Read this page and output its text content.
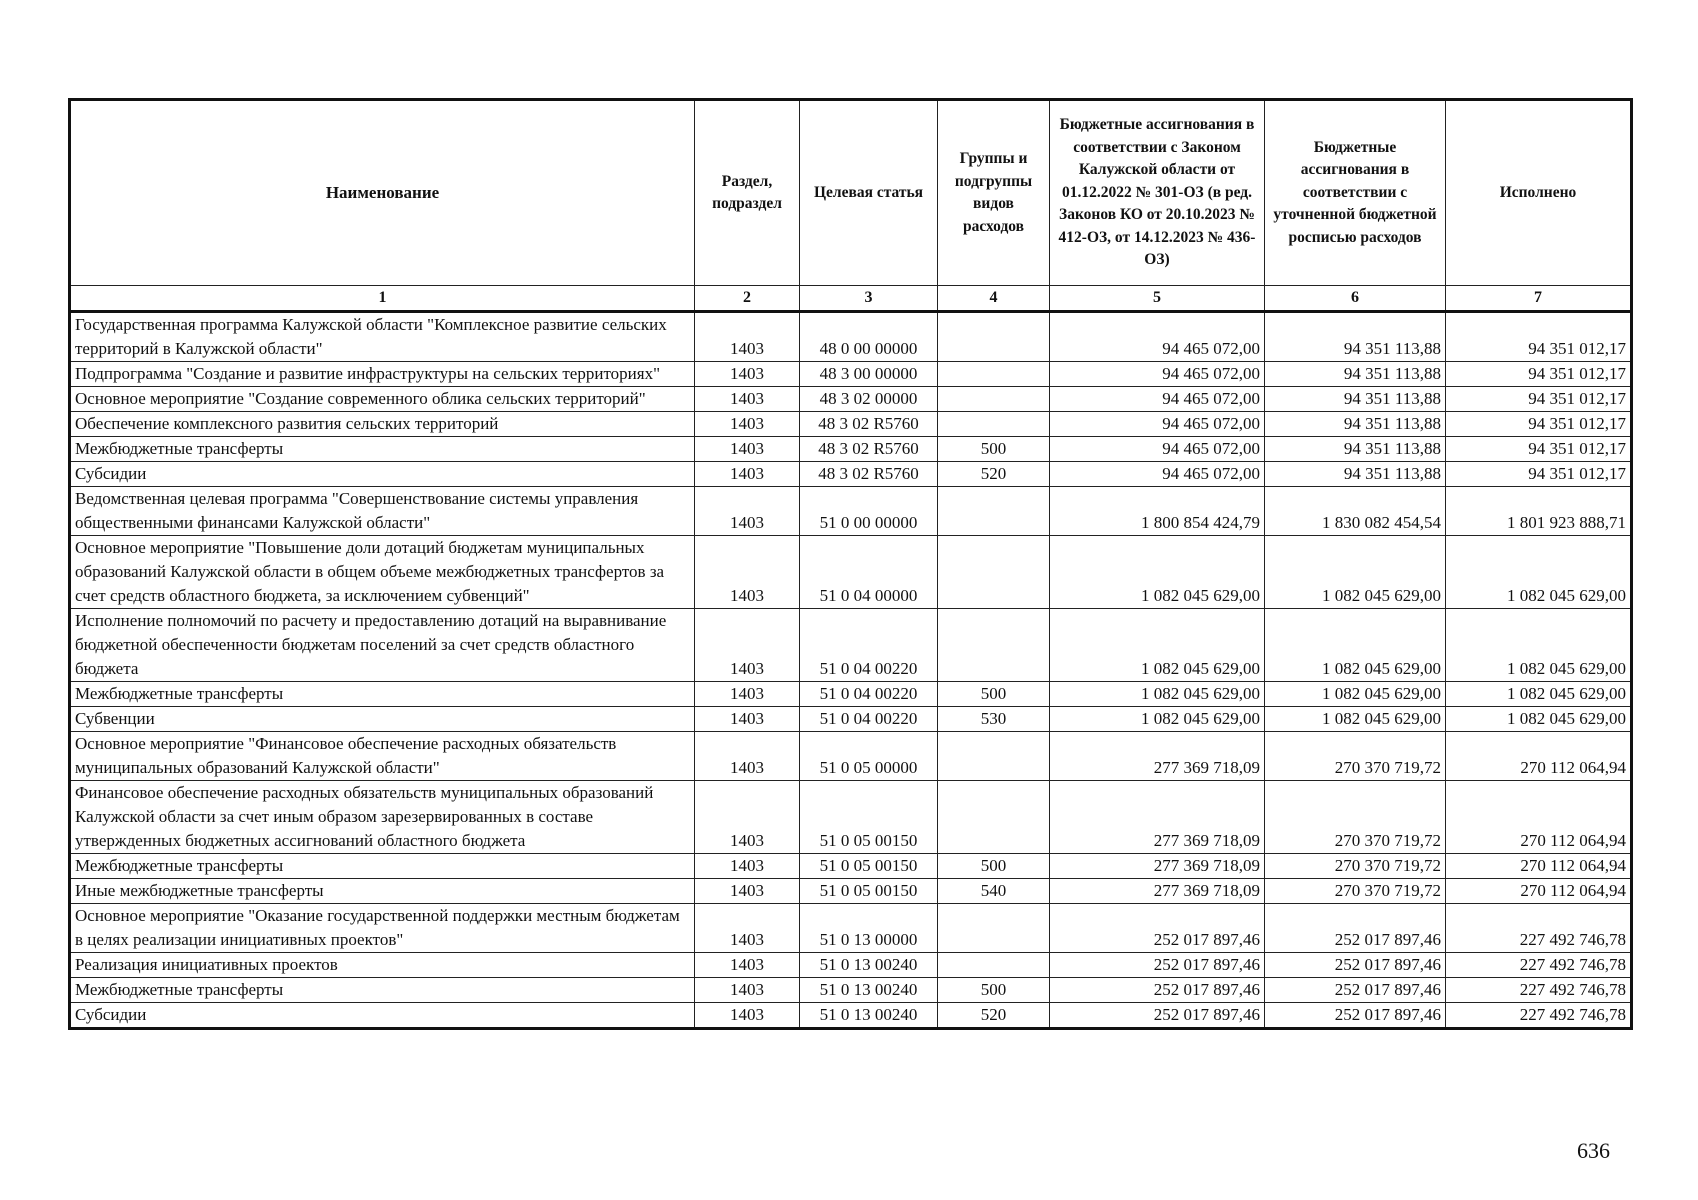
Наименование	Раздел, подраздел	Целевая статья	Группы и подгруппы видов расходов	Бюджетные ассигнования в соответствии с Законом Калужской области от 01.12.2022 № 301-ОЗ (в ред. Законов КО от 20.10.2023 № 412-ОЗ, от 14.12.2023 № 436-ОЗ)	Бюджетные ассигнования в соответствии с уточненной бюджетной росписью расходов	Исполнено
1	2	3	4	5	6	7
Государственная программа Калужской области "Комплексное развитие сельских территорий в Калужской области"	1403	48 0 00 00000		94 465 072,00	94 351 113,88	94 351 012,17
Подпрограмма "Создание и развитие инфраструктуры на сельских территориях"	1403	48 3 00 00000		94 465 072,00	94 351 113,88	94 351 012,17
Основное мероприятие "Создание современного облика сельских территорий"	1403	48 3 02 00000		94 465 072,00	94 351 113,88	94 351 012,17
Обеспечение комплексного развития сельских территорий	1403	48 3 02 R5760		94 465 072,00	94 351 113,88	94 351 012,17
Межбюджетные трансферты	1403	48 3 02 R5760	500	94 465 072,00	94 351 113,88	94 351 012,17
Субсидии	1403	48 3 02 R5760	520	94 465 072,00	94 351 113,88	94 351 012,17
Ведомственная целевая программа "Совершенствование системы управления общественными финансами Калужской области"	1403	51 0 00 00000		1 800 854 424,79	1 830 082 454,54	1 801 923 888,71
Основное мероприятие "Повышение доли дотаций бюджетам муниципальных образований Калужской области в общем объеме межбюджетных трансфертов за счет средств областного бюджета, за исключением субвенций"	1403	51 0 04 00000		1 082 045 629,00	1 082 045 629,00	1 082 045 629,00
Исполнение полномочий по расчету и предоставлению дотаций на выравнивание бюджетной обеспеченности бюджетам поселений за счет средств областного бюджета	1403	51 0 04 00220		1 082 045 629,00	1 082 045 629,00	1 082 045 629,00
Межбюджетные трансферты	1403	51 0 04 00220	500	1 082 045 629,00	1 082 045 629,00	1 082 045 629,00
Субвенции	1403	51 0 04 00220	530	1 082 045 629,00	1 082 045 629,00	1 082 045 629,00
Основное мероприятие "Финансовое обеспечение расходных обязательств муниципальных образований Калужской области"	1403	51 0 05 00000		277 369 718,09	270 370 719,72	270 112 064,94
Финансовое обеспечение расходных обязательств муниципальных образований Калужской области за счет иным образом зарезервированных в составе утвержденных бюджетных ассигнований областного бюджета	1403	51 0 05 00150		277 369 718,09	270 370 719,72	270 112 064,94
Межбюджетные трансферты	1403	51 0 05 00150	500	277 369 718,09	270 370 719,72	270 112 064,94
Иные межбюджетные трансферты	1403	51 0 05 00150	540	277 369 718,09	270 370 719,72	270 112 064,94
Основное мероприятие "Оказание государственной поддержки местным бюджетам в целях реализации инициативных проектов"	1403	51 0 13 00000		252 017 897,46	252 017 897,46	227 492 746,78
Реализация инициативных проектов	1403	51 0 13 00240		252 017 897,46	252 017 897,46	227 492 746,78
Межбюджетные трансферты	1403	51 0 13 00240	500	252 017 897,46	252 017 897,46	227 492 746,78
Субсидии	1403	51 0 13 00240	520	252 017 897,46	252 017 897,46	227 492 746,78
636
